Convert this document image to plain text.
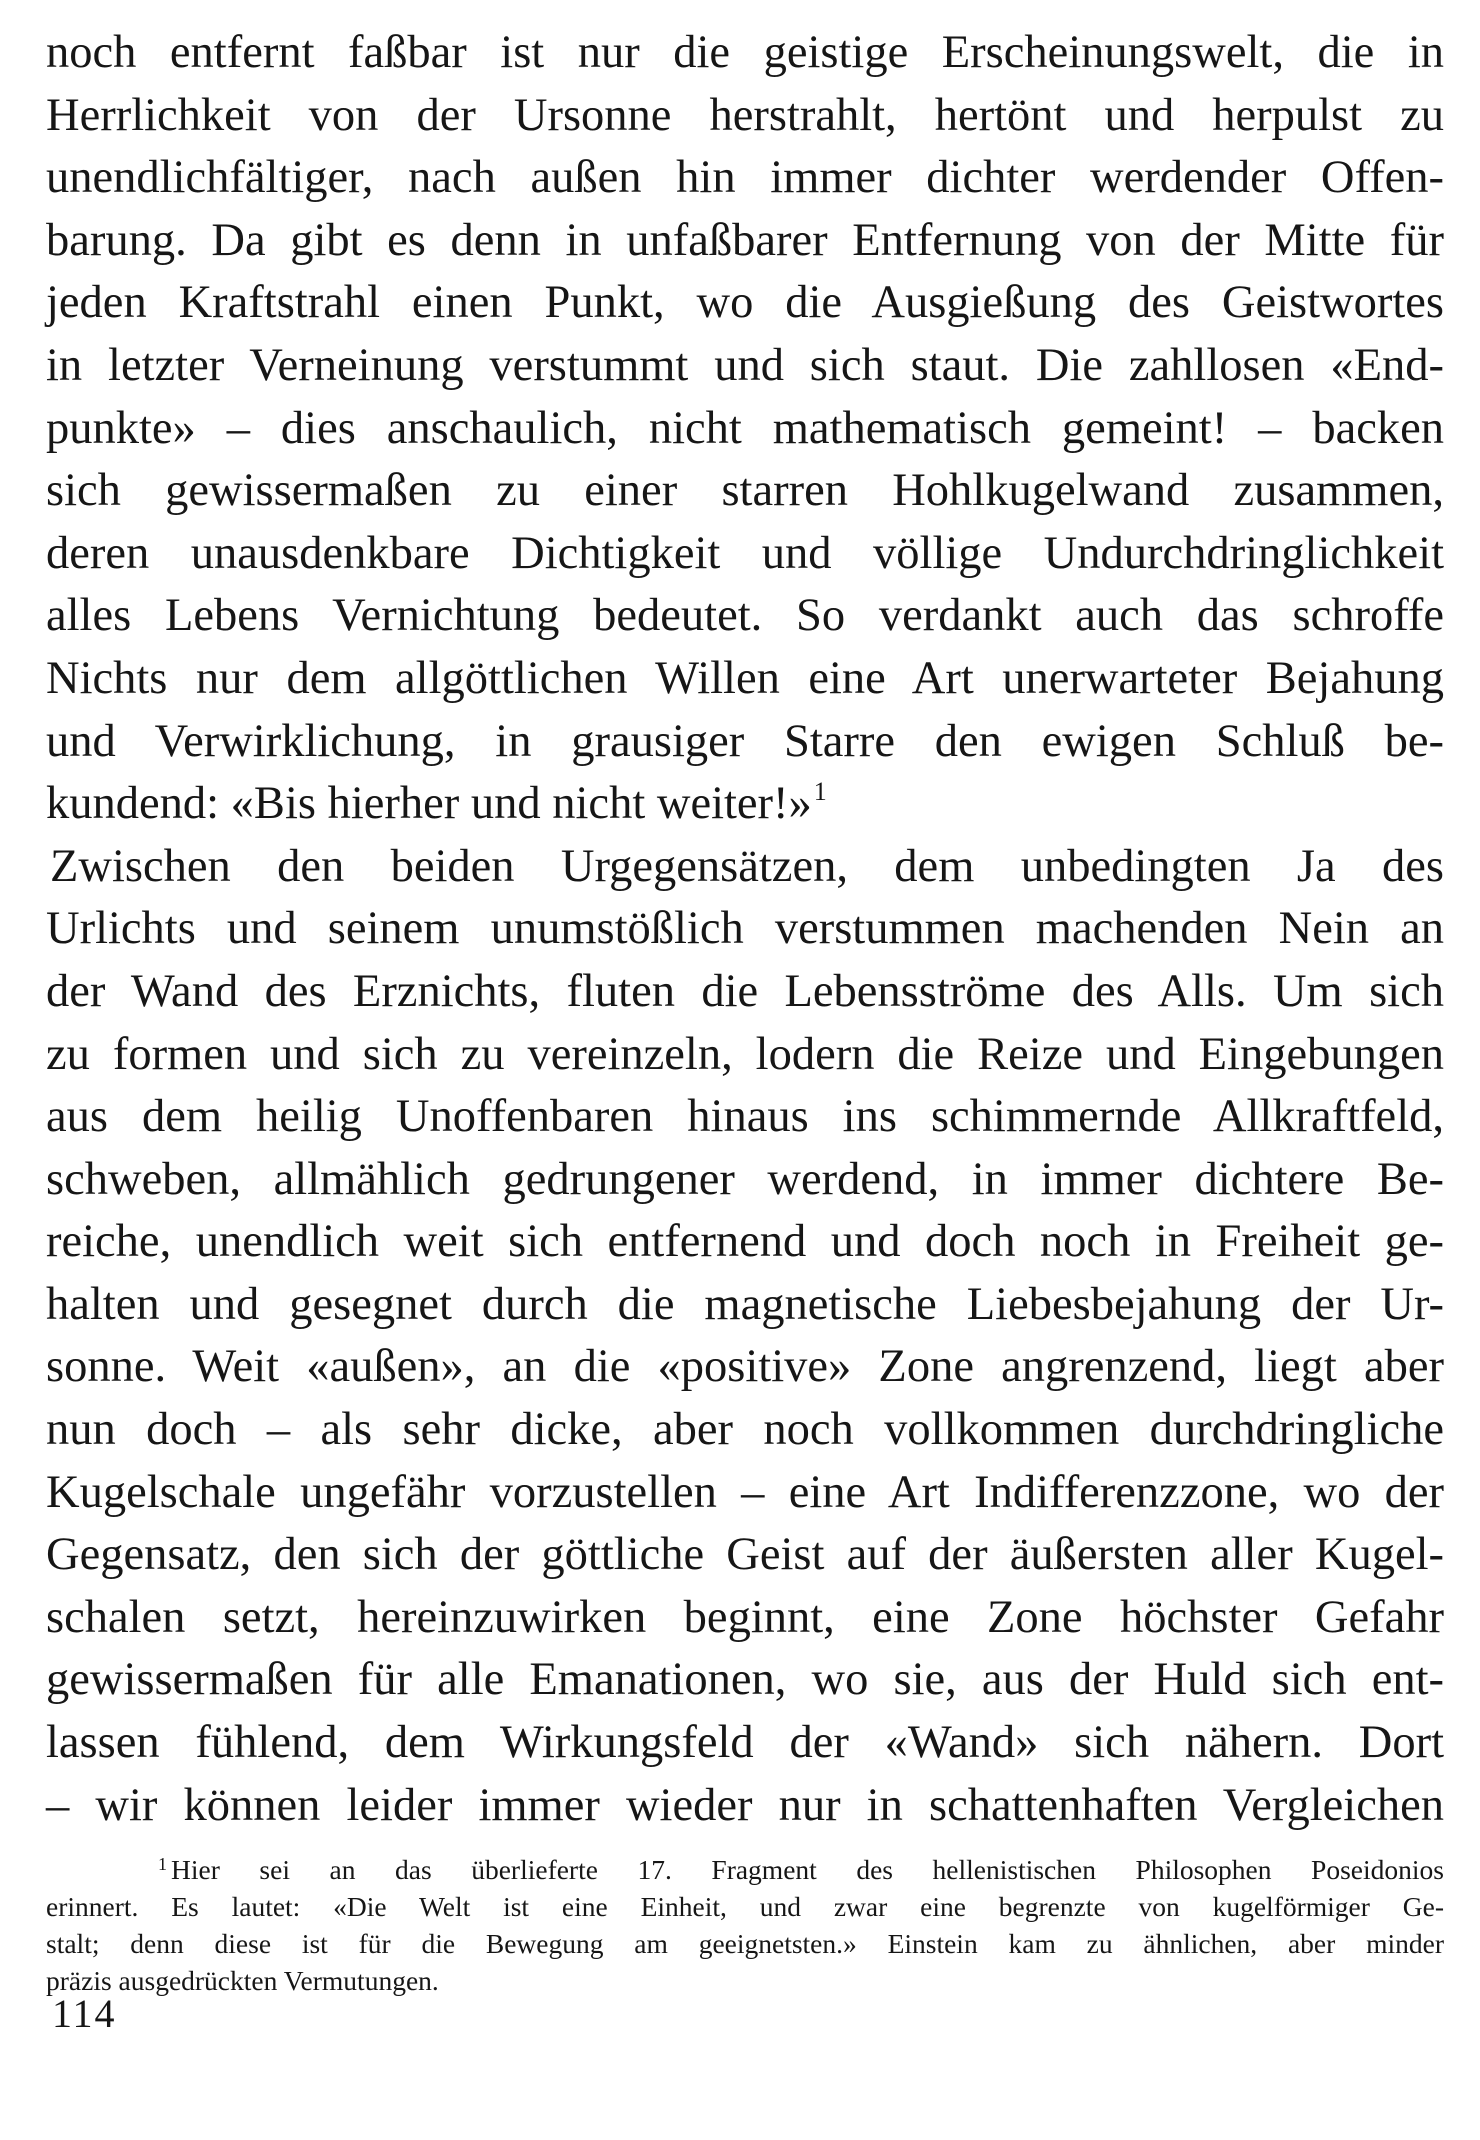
noch entfernt faßbar ist nur die geistige Erscheinungswelt, die in
Herrlichkeit von der Ursonne herstrahlt, hertönt und herpulst zu
unendlichfältiger, nach außen hin immer dichter werdender Offen-
barung. Da gibt es denn in unfaßbarer Entfernung von der Mitte für
jeden Kraftstrahl einen Punkt, wo die Ausgießung des Geistwortes
in letzter Verneinung verstummt und sich staut. Die zahllosen «End-
punkte» – dies anschaulich, nicht mathematisch gemeint! – backen
sich gewissermaßen zu einer starren Hohlkugelwand zusammen,
deren unausdenkbare Dichtigkeit und völlige Undurchdringlichkeit
alles Lebens Vernichtung bedeutet. So verdankt auch das schroffe
Nichts nur dem allgöttlichen Willen eine Art unerwarteter Bejahung
und Verwirklichung, in grausiger Starre den ewigen Schluß be-
kundend: «Bis hierher und nicht weiter!»$^1$
Zwischen den beiden Urgegensätzen, dem unbedingten Ja des
Urlichts und seinem unumstößlich verstummen machenden Nein an
der Wand des Erznichts, fluten die Lebensströme des Alls. Um sich
zu formen und sich zu vereinzeln, lodern die Reize und Eingebungen
aus dem heilig Unoffenbaren hinaus ins schimmernde Allkraftfeld,
schweben, allmählich gedrungener werdend, in immer dichtere Be-
reiche, unendlich weit sich entfernend und doch noch in Freiheit ge-
halten und gesegnet durch die magnetische Liebesbejahung der Ur-
sonne. Weit «außen», an die «positive» Zone angrenzend, liegt aber
nun doch – als sehr dicke, aber noch vollkommen durchdringliche
Kugelschale ungefähr vorzustellen – eine Art Indifferenzzone, wo der
Gegensatz, den sich der göttliche Geist auf der äußersten aller Kugel-
schalen setzt, hereinzuwirken beginnt, eine Zone höchster Gefahr
gewissermaßen für alle Emanationen, wo sie, aus der Huld sich ent-
lassen fühlend, dem Wirkungsfeld der «Wand» sich nähern. Dort
– wir können leider immer wieder nur in schattenhaften Vergleichen
$^1$ Hier sei an das überlieferte 17. Fragment des hellenistischen Philosophen Poseidonios
erinnert. Es lautet: «Die Welt ist eine Einheit, und zwar eine begrenzte von kugelförmiger Ge-
stalt; denn diese ist für die Bewegung am geeignetsten.» Einstein kam zu ähnlichen, aber minder
präzis ausgedrückten Vermutungen.
114
